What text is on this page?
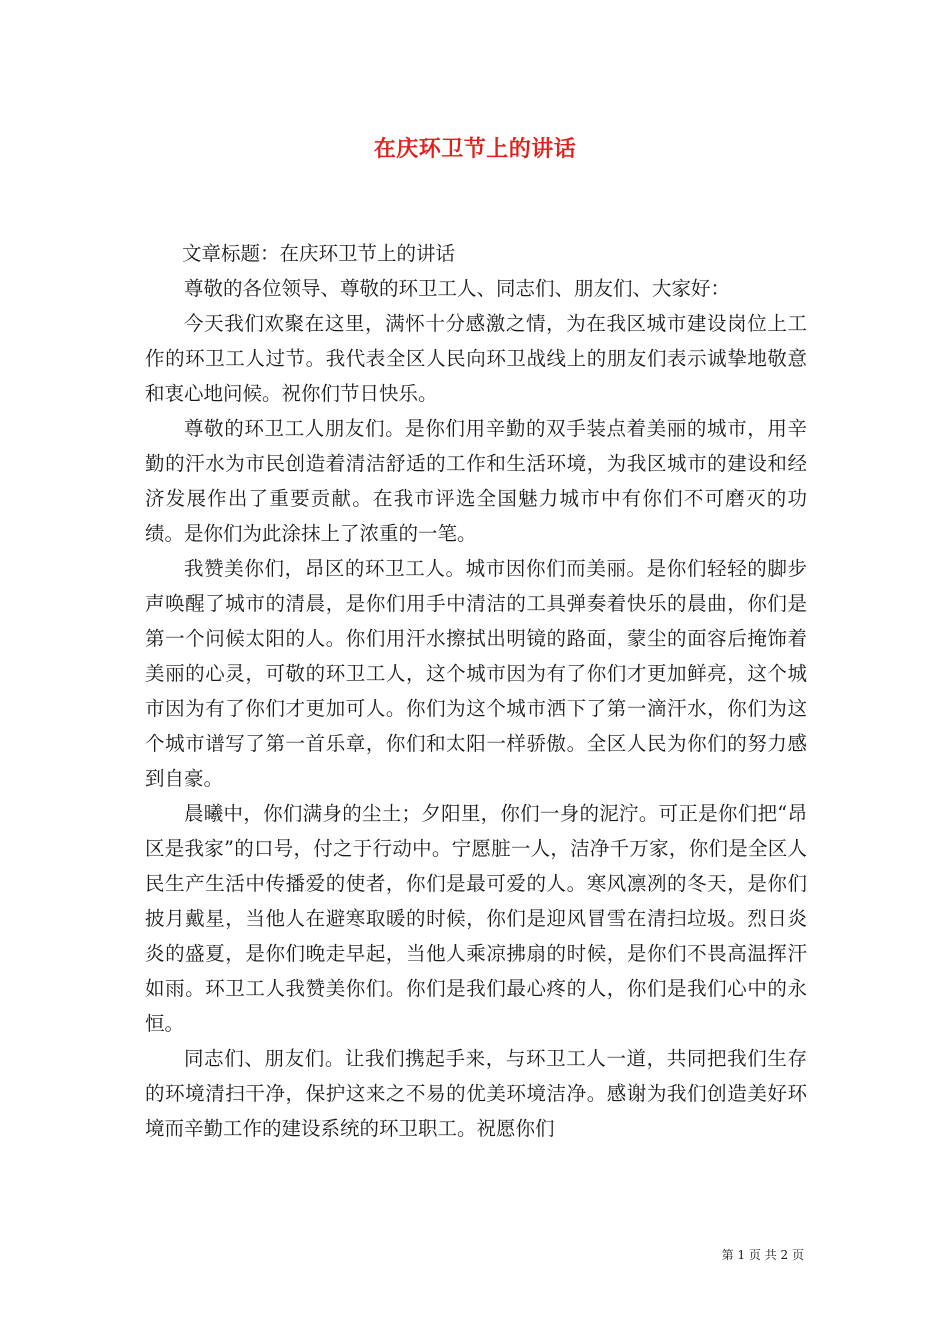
在庆环卫节上的讲话

文章标题：在庆环卫节上的讲话

尊敬的各位领导、尊敬的环卫工人、同志们、朋友们、大家好：

今天我们欢聚在这里，满怀十分感激之情，为在我区城市建设岗位上工作的环卫工人过节。我代表全区人民向环卫战线上的朋友们表示诚挚地敬意和衷心地问候。祝你们节日快乐。

尊敬的环卫工人朋友们。是你们用辛勤的双手装点着美丽的城市，用辛勤的汗水为市民创造着清洁舒适的工作和生活环境，为我区城市的建设和经济发展作出了重要贡献。在我市评选全国魅力城市中有你们不可磨灭的功绩。是你们为此涂抹上了浓重的一笔。

我赞美你们，昂区的环卫工人。城市因你们而美丽。是你们轻轻的脚步声唤醒了城市的清晨，是你们用手中清洁的工具弹奏着快乐的晨曲，你们是第一个问候太阳的人。你们用汗水擦拭出明镜的路面，蒙尘的面容后掩饰着美丽的心灵，可敬的环卫工人，这个城市因为有了你们才更加鲜亮，这个城市因为有了你们才更加可人。你们为这个城市洒下了第一滴汗水，你们为这个城市谱写了第一首乐章，你们和太阳一样骄傲。全区人民为你们的努力感到自豪。

晨曦中，你们满身的尘土；夕阳里，你们一身的泥泞。可正是你们把“昂区是我家”的口号，付之于行动中。宁愿脏一人，洁净千万家，你们是全区人民生产生活中传播爱的使者，你们是最可爱的人。寒风凛冽的冬天，是你们披月戴星，当他人在避寒取暖的时候，你们是迎风冒雪在清扫垃圾。烈日炎炎的盛夏，是你们晚走早起，当他人乘凉拂扇的时候，是你们不畏高温挥汗如雨。环卫工人我赞美你们。你们是我们最心疼的人，你们是我们心中的永恒。

同志们、朋友们。让我们携起手来，与环卫工人一道，共同把我们生存的环境清扫干净，保护这来之不易的优美环境洁净。感谢为我们创造美好环境而辛勤工作的建设系统的环卫职工。祝愿你们

第 1 页 共 2 页
